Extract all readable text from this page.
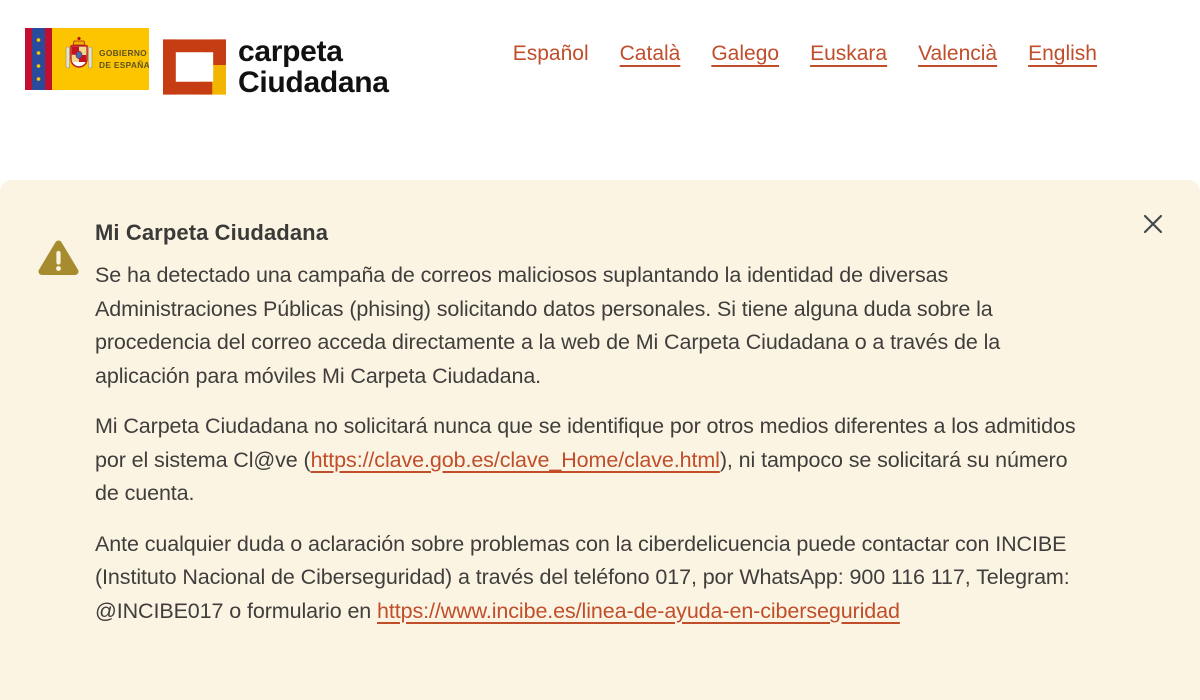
GOBIERNO
DE ESPAÑA	carpeta
Ciudadana
Español Català Galego Euskara Valencià English
Mi Carpeta Ciudadana

Se ha detectado una campaña de correos maliciosos suplantando la identidad de diversas Administraciones Públicas (phising) solicitando datos personales. Si tiene alguna duda sobre la procedencia del correo acceda directamente a la web de Mi Carpeta Ciudadana o a través de la aplicación para móviles Mi Carpeta Ciudadana.

Mi Carpeta Ciudadana no solicitará nunca que se identifique por otros medios diferentes a los admitidos por el sistema Cl@ve (https://clave.gob.es/clave_Home/clave.html), ni tampoco se solicitará su número de cuenta.

Ante cualquier duda o aclaración sobre problemas con la ciberdelicuencia puede contactar con INCIBE (Instituto Nacional de Ciberseguridad) a través del teléfono 017, por WhatsApp: 900 116 117, Telegram: @INCIBE017 o formulario en https://www.incibe.es/linea-de-ayuda-en-ciberseguridad
